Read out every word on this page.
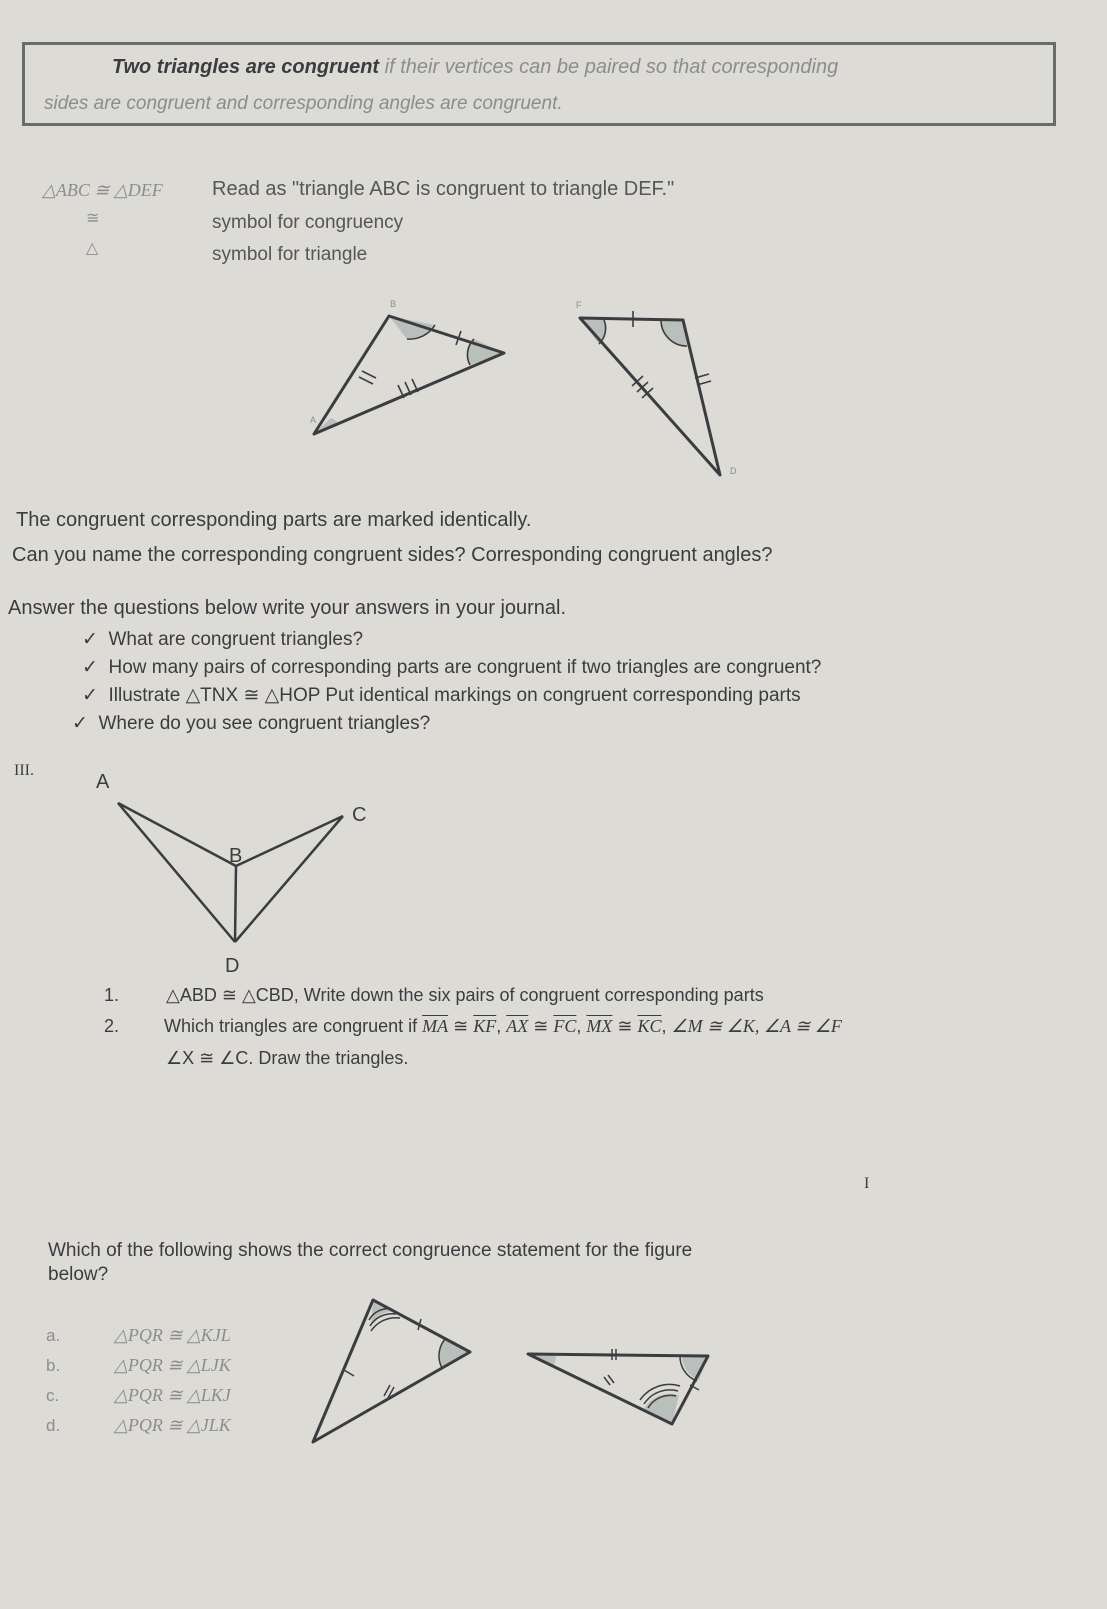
Two triangles are congruent if their vertices can be paired so that corresponding
sides are congruent and corresponding angles are congruent.
△ABC ≅ △DEF Read as "triangle ABC is congruent to triangle DEF."
≅	symbol for congruency
△	symbol for triangle
B
A
F
D
The congruent corresponding parts are marked identically.
Can you name the corresponding congruent sides? Corresponding congruent angles?
Answer the questions below write your answers in your journal.
✓  What are congruent triangles?
✓  How many pairs of corresponding parts are congruent if two triangles are congruent?
✓  Illustrate △TNX ≅ △HOP Put identical markings on congruent corresponding parts
✓  Where do you see congruent triangles?
III.
A
B
C
D
1.	△ABD ≅ △CBD, Write down the six pairs of congruent corresponding parts
2. Which triangles are congruent if $\overline{MA}$ ≅ $\overline{KF}$, $\overline{AX}$ ≅ $\overline{FC}$, $\overline{MX}$ ≅ $\overline{KC}$, ∠M ≅ ∠K, ∠A ≅ ∠F
∠X ≅ ∠C. Draw the triangles.
I
Which of the following shows the correct congruence statement for the figure
below?
a.	△PQR ≅ △KJL
b.	△PQR ≅ △LJK
c.	△PQR ≅ △LKJ
d.	△PQR ≅ △JLK
